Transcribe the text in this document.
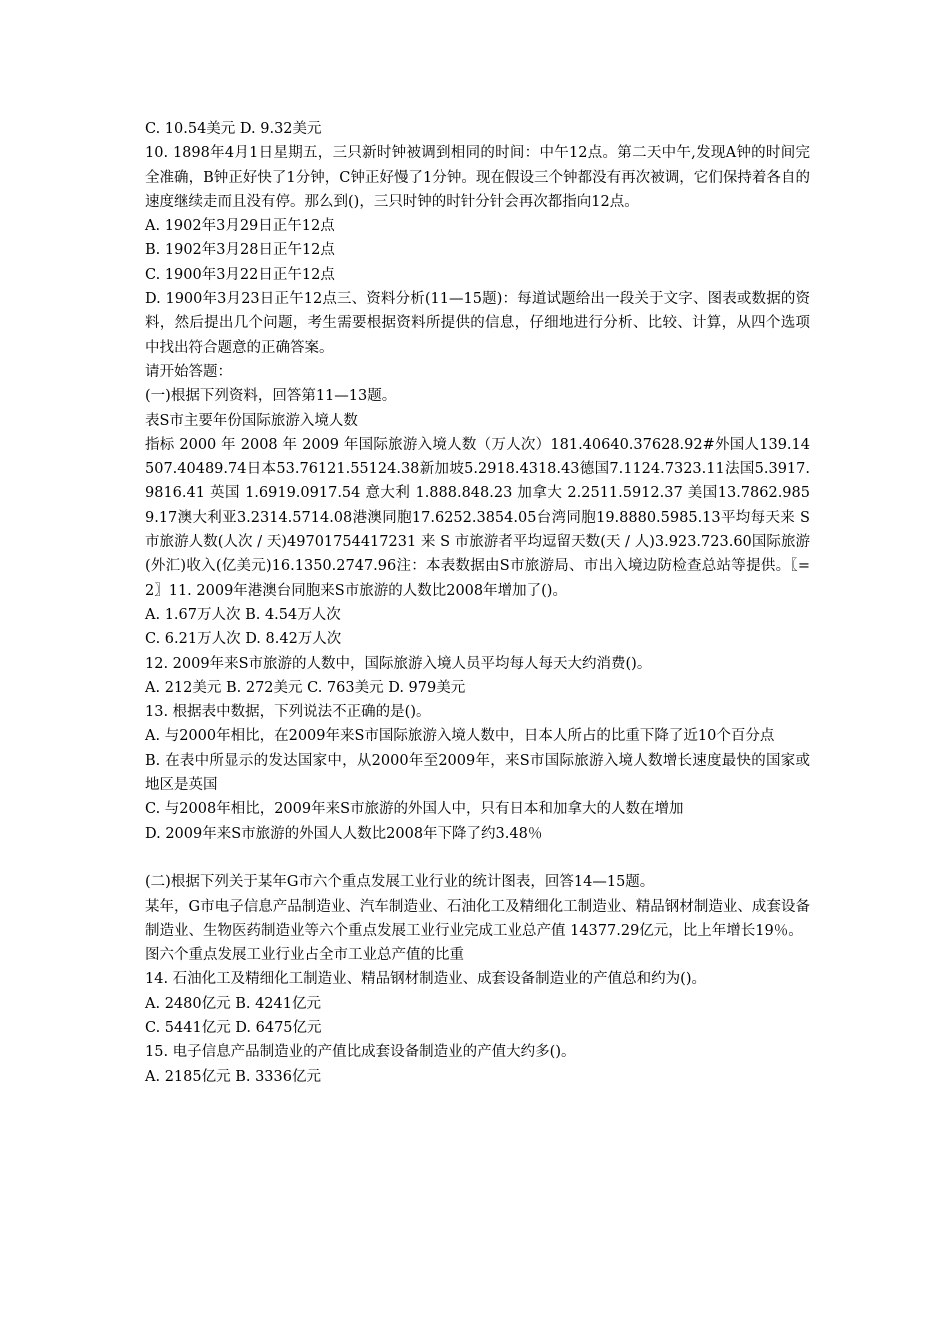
C. 10.54美元 D. 9.32美元
10. 1898年4月1日星期五，三只新时钟被调到相同的时间：中午12点。第二天中午,发现A钟的时间完全准确，B钟正好快了1分钟，C钟正好慢了1分钟。现在假设三个钟都没有再次被调，它们保持着各自的速度继续走而且没有停。那么到()，三只时钟的时针分针会再次都指向12点。
A. 1902年3月29日正午12点
B. 1902年3月28日正午12点
C. 1900年3月22日正午12点
D. 1900年3月23日正午12点三、资料分析(11—15题)：每道试题给出一段关于文字、图表或数据的资料，然后提出几个问题，考生需要根据资料所提供的信息，仔细地进行分析、比较、计算，从四个选项中找出符合题意的正确答案。
请开始答题：
(一)根据下列资料，回答第11—13题。
表S市主要年份国际旅游入境人数
指标 2000 年 2008 年 2009 年国际旅游入境人数（万人次）181.40640.37628.92#外国人139.14507.40489.74日本53.76121.55124.38新加坡5.2918.4318.43德国7.1124.7323.11法国5.3917.9816.41 英国 1.6919.0917.54 意大利 1.888.848.23 加拿大 2.2511.5912.37 美国13.7862.9859.17澳大利亚3.2314.5714.08港澳同胞17.6252.3854.05台湾同胞19.8880.5985.13平均每天来 S 市旅游人数(人次 / 天)49701754417231 来 S 市旅游者平均逗留天数(天 / 人)3.923.723.60国际旅游(外汇)收入(亿美元)16.1350.2747.96注：本表数据由S市旅游局、市出入境边防检查总站等提供。〖=2〗11. 2009年港澳台同胞来S市旅游的人数比2008年增加了()。
A. 1.67万人次 B. 4.54万人次
C. 6.21万人次 D. 8.42万人次
12. 2009年来S市旅游的人数中，国际旅游入境人员平均每人每天大约消费()。
A. 212美元 B. 272美元 C. 763美元 D. 979美元
13. 根据表中数据，下列说法不正确的是()。
A. 与2000年相比，在2009年来S市国际旅游入境人数中，日本人所占的比重下降了近10个百分点
B. 在表中所显示的发达国家中，从2000年至2009年，来S市国际旅游入境人数增长速度最快的国家或地区是英国
C. 与2008年相比，2009年来S市旅游的外国人中，只有日本和加拿大的人数在增加
D. 2009年来S市旅游的外国人人数比2008年下降了约3.48％
(二)根据下列关于某年G市六个重点发展工业行业的统计图表，回答14—15题。
某年，G市电子信息产品制造业、汽车制造业、石油化工及精细化工制造业、精品钢材制造业、成套设备制造业、生物医药制造业等六个重点发展工业行业完成工业总产值 14377.29亿元，比上年增长19％。
图六个重点发展工业行业占全市工业总产值的比重
14. 石油化工及精细化工制造业、精品钢材制造业、成套设备制造业的产值总和约为()。
A. 2480亿元 B. 4241亿元
C. 5441亿元 D. 6475亿元
15. 电子信息产品制造业的产值比成套设备制造业的产值大约多()。
A. 2185亿元 B. 3336亿元
